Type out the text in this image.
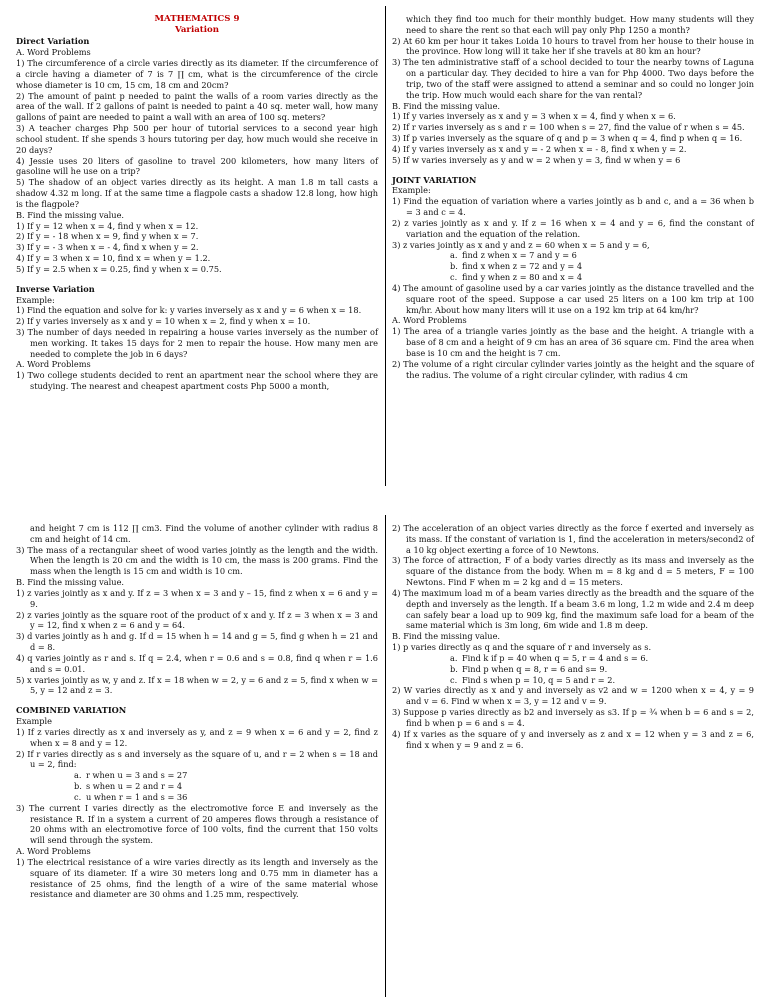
MATHEMATICS 9
Variation
Direct Variation
A. Word Problems
1) The circumference of a circle varies directly as its diameter. If the circumference of a circle having a diameter of 7 is 7 ∏ cm, what is the circumference of the circle whose diameter is 10 cm, 15 cm, 18 cm and 20cm?
2) The amount of paint p needed to paint the walls of a room varies directly as the area of the wall. If 2 gallons of paint is needed to paint a 40 sq. meter wall, how many gallons of paint are needed to paint a wall with an area of 100 sq. meters?
3) A teacher charges Php 500 per hour of tutorial services to a second year high school student. If she spends 3 hours tutoring per day, how much would she receive in 20 days?
4) Jessie uses 20 liters of gasoline to travel 200 kilometers, how many liters of gasoline will he use on a trip?
5) The shadow of an object varies directly as its height. A man 1.8 m tall casts a shadow 4.32 m long. If at the same time a flagpole casts a shadow 12.8 long, how high is the flagpole?
B. Find the missing value.
1) If y = 12 when x = 4, find y when x = 12.
2) If y = - 18 when x = 9, find y when x = 7.
3) If y = - 3 when x = - 4, find x when y = 2.
4) If y = 3 when x = 10, find x = when y = 1.2.
5) If y = 2.5 when x = 0.25, find y when x = 0.75.
Inverse Variation
Example:
1) Find the equation and solve for k: y varies inversely as x and y = 6 when x = 18.
2) If y varies inversely as x and y = 10 when x = 2, find y when x = 10.
3) The number of days needed in repairing a house varies inversely as the number of men working. It takes 15 days for 2 men to repair the house. How many men are needed to complete the job in 6 days?
A. Word Problems
1) Two college students decided to rent an apartment near the school where they are studying. The nearest and cheapest apartment costs Php 5000 a month,
which they find too much for their monthly budget. How many students will they need to share the rent so that each will pay only Php 1250 a month?
2) At 60 km per hour it takes Loida 10 hours to travel from her house to their house in the province. How long will it take her if she travels at 80 km an hour?
3) The ten administrative staff of a school decided to tour the nearby towns of Laguna on a particular day. They decided to hire a van for Php 4000. Two days before the trip, two of the staff were assigned to attend a seminar and so could no longer join the trip. How much would each share for the van rental?
B. Find the missing value.
1) If y varies inversely as x and y = 3 when x = 4, find y when x = 6.
2) If r varies inversely as s and r = 100 when s = 27, find the value of r when s = 45.
3) If p varies inversely as the square of q and p = 3 when q = 4, find p when q = 16.
4) If y varies inversely as x and y = - 2 when x = - 8, find x when y = 2.
5) If w varies inversely as y and w = 2 when y = 3, find w when y = 6
JOINT VARIATION
Example:
1) Find the equation of variation where a varies jointly as b and c, and a = 36 when b = 3 and c = 4.
2) z varies jointly as x and y. If z = 16 when x = 4 and y = 6, find the constant of variation and the equation of the relation.
3) z varies jointly as x and y and z = 60 when x = 5 and y = 6,
a. find z when x = 7 and y = 6
b. find x when z = 72 and y = 4
c. find y when z = 80 and x = 4
4) The amount of gasoline used by a car varies jointly as the distance travelled and the square root of the speed. Suppose a car used 25 liters on a 100 km trip at 100 km/hr. About how many liters will it use on a 192 km trip at 64 km/hr?
A. Word Problems
1) The area of a triangle varies jointly as the base and the height. A triangle with a base of 8 cm and a height of 9 cm has an area of 36 square cm. Find the area when base is 10 cm and the height is 7 cm.
2) The volume of a right circular cylinder varies jointly as the height and the square of the radius. The volume of a right circular cylinder, with radius 4 cm
and height 7 cm is 112 ∏ cm3. Find the volume of another cylinder with radius 8 cm and height of 14 cm.
3) The mass of a rectangular sheet of wood varies jointly as the length and the width. When the length is 20 cm and the width is 10 cm, the mass is 200 grams. Find the mass when the length is 15 cm and width is 10 cm.
B. Find the missing value.
1) z varies jointly as x and y. If z = 3 when x = 3 and y – 15, find z when x = 6 and y = 9.
2) z varies jointly as the square root of the product of x and y. If z = 3 when x = 3 and y = 12, find x when z = 6 and y = 64.
3) d varies jointly as h and g. If d = 15 when h = 14 and g = 5, find g when h = 21 and d = 8.
4) q varies jointly as r and s. If q = 2.4, when r = 0.6 and s = 0.8, find q when r = 1.6 and s = 0.01.
5) x varies jointly as w, y and z. If x = 18 when w = 2, y = 6 and z = 5, find x when w = 5, y = 12 and z = 3.
COMBINED VARIATION
Example
1) If z varies directly as x and inversely as y, and z = 9 when x = 6 and y = 2, find z when x = 8 and y = 12.
2) If r varies directly as s and inversely as the square of u, and r = 2 when s = 18 and u = 2, find:
a. r when u = 3 and s = 27
b. s when u = 2 and r = 4
c. u when r = 1 and s = 36
3) The current I varies directly as the electromotive force E and inversely as the resistance R. If in a system a current of 20 amperes flows through a resistance of 20 ohms with an electromotive force of 100 volts, find the current that 150 volts will send through the system.
A. Word Problems
1) The electrical resistance of a wire varies directly as its length and inversely as the square of its diameter. If a wire 30 meters long and 0.75 mm in diameter has a resistance of 25 ohms, find the length of a wire of the same material whose resistance and diameter are 30 ohms and 1.25 mm, respectively.
2) The acceleration of an object varies directly as the force f exerted and inversely as its mass. If the constant of variation is 1, find the acceleration in meters/second2 of a 10 kg object exerting a force of 10 Newtons.
3) The force of attraction, F of a body varies directly as its mass and inversely as the square of the distance from the body. When m = 8 kg and d = 5 meters, F = 100 Newtons. Find F when m = 2 kg and d = 15 meters.
4) The maximum load m of a beam varies directly as the breadth and the square of the depth and inversely as the length. If a beam 3.6 m long, 1.2 m wide and 2.4 m deep can safely bear a load up to 909 kg, find the maximum safe load for a beam of the same material which is 3m long, 6m wide and 1.8 m deep.
B. Find the missing value.
1) p varies directly as q and the square of r and inversely as s.
a. Find k if p = 40 when q = 5, r = 4 and s = 6.
b. Find p when q = 8, r = 6 and s= 9.
c. Find s when p = 10, q = 5 and r = 2.
2) W varies directly as x and y and inversely as v2 and w = 1200 when x = 4, y = 9 and v = 6. Find w when x = 3, y = 12 and v = 9.
3) Suppose p varies directly as b2 and inversely as s3. If p = ¾ when b = 6 and s = 2, find b when p = 6 and s = 4.
4) If x varies as the square of y and inversely as z and x = 12 when y = 3 and z = 6, find x when y = 9 and z = 6.
